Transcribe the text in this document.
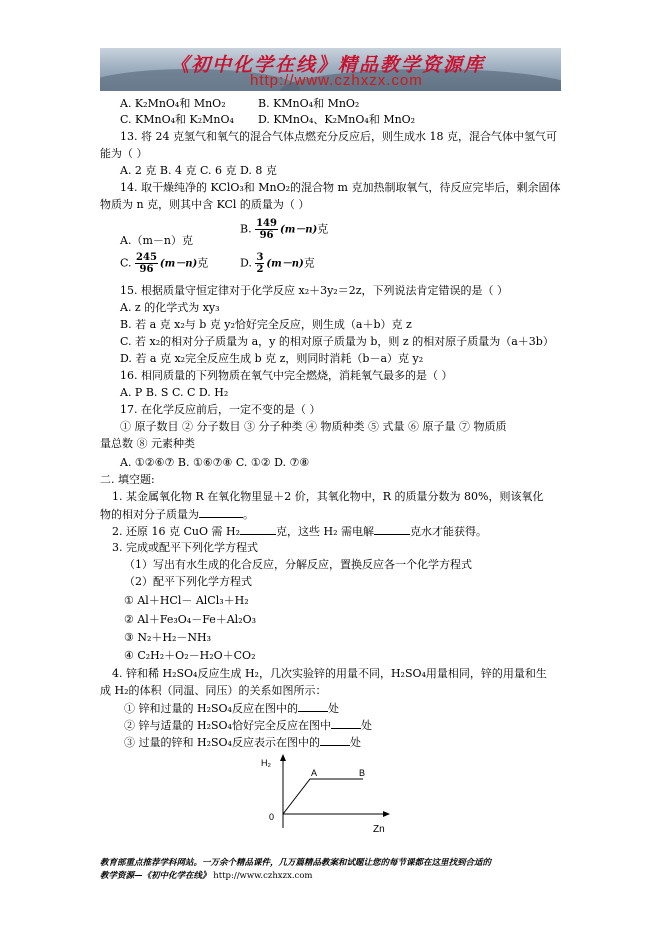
《初中化学在线》精品教学资源库
http://www.czhxzx.com
A. K₂MnO₄和 MnO₂	B. KMnO₄和 MnO₂
C. KMnO₄和 K₂MnO₄ D. KMnO₄、K₂MnO₄和 MnO₂
13. 将 24 克氢气和氧气的混合气体点燃充分反应后，则生成水 18 克，混合气体中氢气可
能为（ ）
A. 2 克 B. 4 克 C. 6 克 D. 8 克
14. 取干燥纯净的 KClO₃和 MnO₂的混合物 m 克加热制取氧气，待反应完毕后，剩余固体
物质为 n 克，则其中含 KCl 的质量为（ ）
A.（m－n）克
B. $\frac{149}{96} (m-n)$克
C. $\frac{245}{96} (m-n)$克	D. $\frac{3}{2} (m-n)$克
15. 根据质量守恒定律对于化学反应 x₂＋3y₂＝2z，下列说法肯定错误的是（ ）
A. z 的化学式为 xy₃
B. 若 a 克 x₂与 b 克 y₂恰好完全反应，则生成（a＋b）克 z
C. 若 x₂的相对分子质量为 a，y 的相对原子质量为 b，则 z 的相对原子质量为（a＋3b）
D. 若 a 克 x₂完全反应生成 b 克 z，则同时消耗（b－a）克 y₂
16. 相同质量的下列物质在氧气中完全燃烧，消耗氧气最多的是（ ）
A. P B. S C. C D. H₂
17. 在化学反应前后，一定不变的是（ ）
① 原子数目 ② 分子数目 ③ 分子种类 ④ 物质种类 ⑤ 式量 ⑥ 原子量 ⑦ 物质质
量总数 ⑧ 元素种类
A. ①②⑥⑦ B. ①⑥⑦⑧ C. ①② D. ⑦⑧
二. 填空题:
1. 某金属氧化物 R 在氧化物里显＋2 价，其氧化物中，R 的质量分数为 80%，则该氧化
物的相对分子质量为	。
2. 还原 16 克 CuO 需 H₂	克，这些 H₂ 需电解	克水才能获得。
3. 完成或配平下列化学方程式
（1）写出有水生成的化合反应，分解反应，置换反应各一个化学方程式
（2）配平下列化学方程式
① Al＋HCl－ AlCl₃＋H₂
② Al＋Fe₃O₄－Fe＋Al₂O₃
③ N₂＋H₂－NH₃
④ C₂H₂＋O₂－H₂O＋CO₂
4. 锌和稀 H₂SO₄反应生成 H₂，几次实验锌的用量不同，H₂SO₄用量相同，锌的用量和生
成 H₂的体积（同温、同压）的关系如图所示：
① 锌和过量的 H₂SO₄反应在图中的	处
② 锌与适量的 H₂SO₄恰好完全反应在图中	处
③ 过量的锌和 H₂SO₄反应表示在图中的	处
H₂
Zn
0
A	B
教育部重点推荐学科网站。一万余个精品课件，几万篇精品教案和试题让您的每节课都在这里找到合适的
教学资源—《初中化学在线》 http://www.czhxzx.com
